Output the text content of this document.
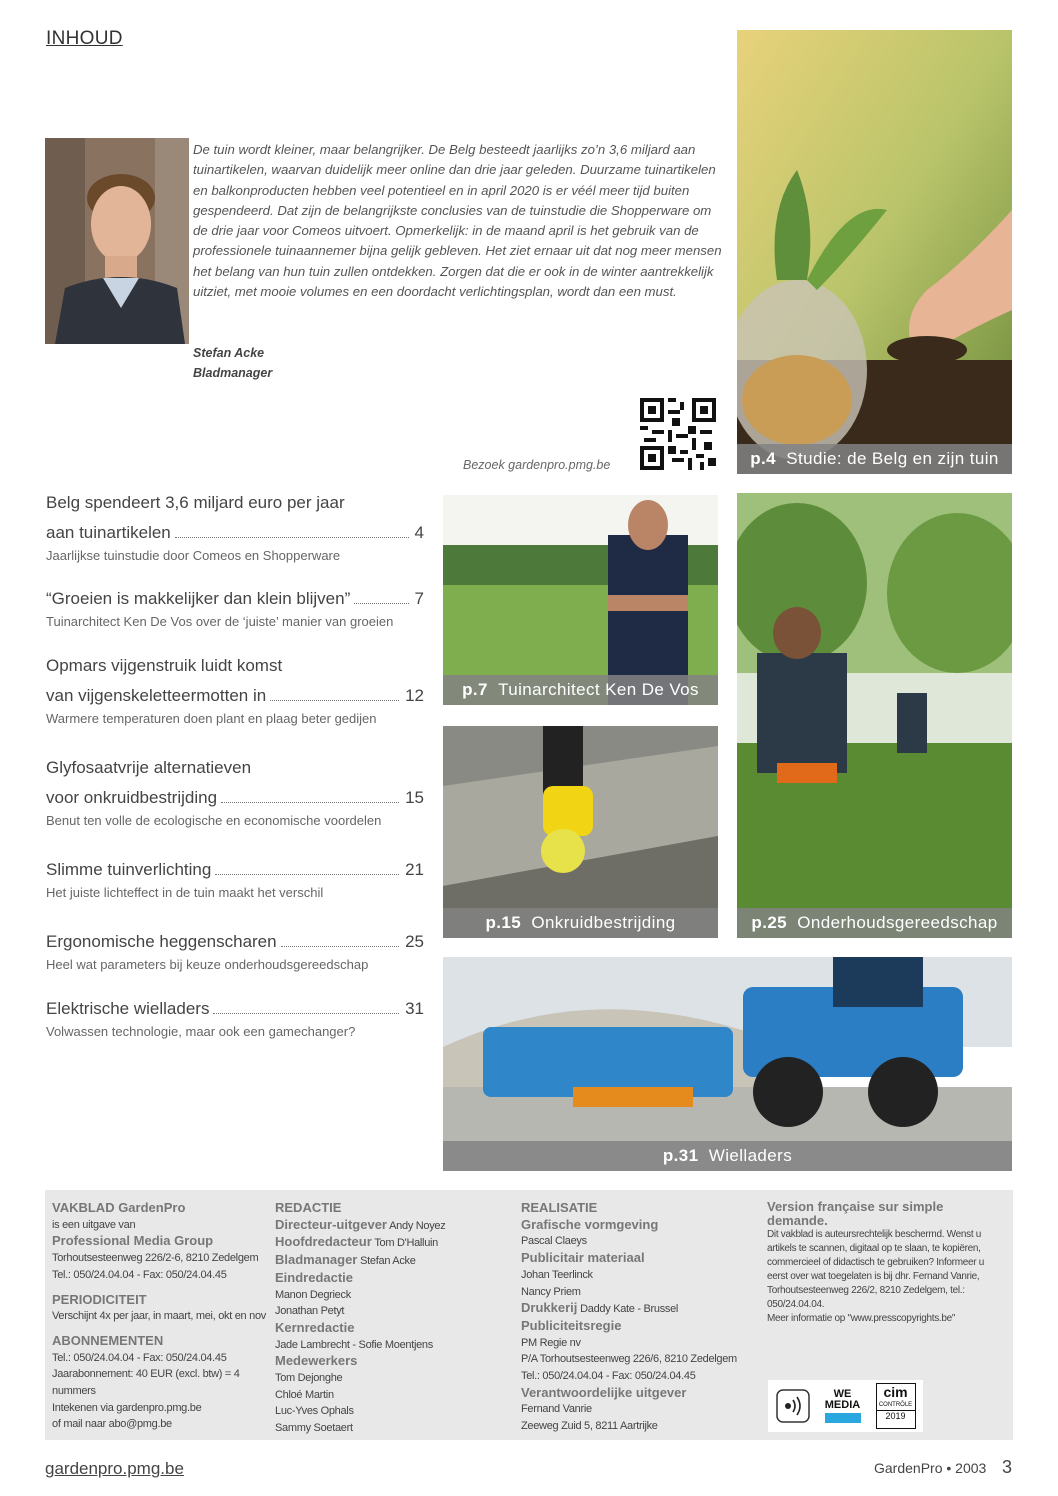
INHOUD
De tuin wordt kleiner, maar belangrijker. De Belg besteedt jaarlijks zo’n 3,6 miljard aan tuinartikelen, waarvan duidelijk meer online dan drie jaar geleden. Duurzame tuinartikelen en balkonproducten hebben veel potentieel en in april 2020 is er véél meer tijd buiten gespendeerd. Dat zijn de belangrijkste conclusies van de tuinstudie die Shopperware om de drie jaar voor Comeos uitvoert. Opmerkelijk: in de maand april is het gebruik van de professionele tuinaannemer bijna gelijk gebleven. Het ziet ernaar uit dat nog meer mensen het belang van hun tuin zullen ontdekken. Zorgen dat die er ook in de winter aantrekkelijk uitziet, met mooie volumes en een doordacht verlichtingsplan, wordt dan een must.
Stefan Acke
Bladmanager
Bezoek gardenpro.pmg.be	p.4 Studie: de Belg en zijn tuin
p.7 Tuinarchitect Ken De Vos
p.15 Onkruidbestrijding	p.25 Onderhoudsgereedschap
p.31 Wielladers
Belg spendeert 3,6 miljard euro per jaar
aan tuinartikelen	4
Jaarlijkse tuinstudie door Comeos en Shopperware
“Groeien is makkelijker dan klein blijven”	7
Tuinarchitect Ken De Vos over de ‘juiste’ manier van groeien
Opmars vijgenstruik luidt komst
van vijgenskeletteermotten in	12
Warmere temperaturen doen plant en plaag beter gedijen
Glyfosaatvrije alternatieven
voor onkruidbestrijding	15
Benut ten volle de ecologische en economische voordelen
Slimme tuinverlichting	21
Het juiste lichteffect in de tuin maakt het verschil
Ergonomische heggenscharen	25
Heel wat parameters bij keuze onderhoudsgereedschap
Elektrische wielladers	31
Volwassen technologie, maar ook een gamechanger?
VAKBLAD GardenPro
is een uitgave van
Professional Media Group
Torhoutsesteenweg 226/2-6, 8210 Zedelgem
Tel.: 050/24.04.04 - Fax: 050/24.04.45
PERIODICITEIT
Verschijnt 4x per jaar, in maart, mei, okt en nov
ABONNEMENTEN
Tel.: 050/24.04.04 - Fax: 050/24.04.45
Jaarabonnement: 40 EUR (excl. btw) = 4 nummers
Intekenen via gardenpro.pmg.be
of mail naar abo@pmg.be
REDACTIE
Directeur-uitgever Andy Noyez
Hoofdredacteur Tom D'Halluin
Bladmanager Stefan Acke
Eindredactie
Manon Degrieck
Jonathan Petyt
Kernredactie
Jade Lambrecht - Sofie Moentjens
Medewerkers
Tom Dejonghe
Chloé Martin
Luc-Yves Ophals
Sammy Soetaert
REALISATIE
Grafische vormgeving
Pascal Claeys
Publicitair materiaal
Johan Teerlinck
Nancy Priem
Drukkerij Daddy Kate - Brussel
Publiciteitsregie
PM Regie nv
P/A Torhoutsesteenweg 226/6, 8210 Zedelgem
Tel.: 050/24.04.04 - Fax: 050/24.04.45
Verantwoordelijke uitgever
Fernand Vanrie
Zeeweg Zuid 5, 8211 Aartrijke
Version française sur simple demande.
Dit vakblad is auteursrechtelijk beschermd. Wenst u artikels te scannen, digitaal op te slaan, te kopiëren, commercieel of didactisch te gebruiken? Informeer u eerst over wat toegelaten is bij dhr. Fernand Vanrie, Torhoutsesteenweg 226/2, 8210 Zedelgem, tel.: 050/24.04.04.
Meer informatie op "www.presscopyrights.be"
WE
MEDIA
cim
CONTRÔLE
2019
gardenpro.pmg.be	GardenPro • 2003 3
